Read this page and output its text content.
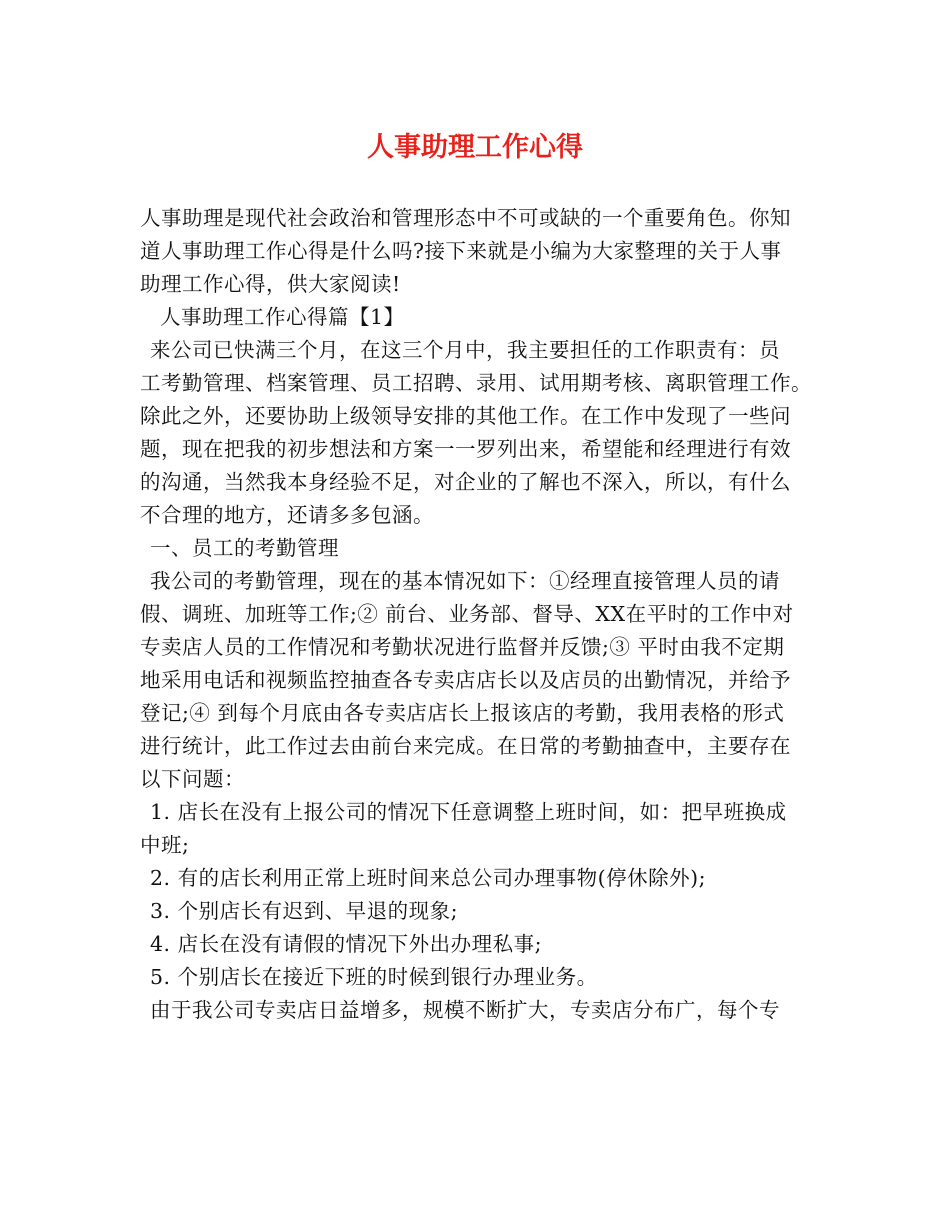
人事助理工作心得

人事助理是现代社会政治和管理形态中不可或缺的一个重要角色。你知

道人事助理工作心得是什么吗?接下来就是小编为大家整理的关于人事

助理工作心得，供大家阅读!

人事助理工作心得篇【1】

来公司已快满三个月，在这三个月中，我主要担任的工作职责有：员

工考勤管理、档案管理、员工招聘、录用、试用期考核、离职管理工作。

除此之外，还要协助上级领导安排的其他工作。在工作中发现了一些问

题，现在把我的初步想法和方案一一罗列出来，希望能和经理进行有效

的沟通，当然我本身经验不足，对企业的了解也不深入，所以，有什么

不合理的地方，还请多多包涵。

一、员工的考勤管理

我公司的考勤管理，现在的基本情况如下：①经理直接管理人员的请

假、调班、加班等工作;② 前台、业务部、督导、XX在平时的工作中对

专卖店人员的工作情况和考勤状况进行监督并反馈;③ 平时由我不定期

地采用电话和视频监控抽查各专卖店店长以及店员的出勤情况，并给予

登记;④ 到每个月底由各专卖店店长上报该店的考勤，我用表格的形式

进行统计，此工作过去由前台来完成。在日常的考勤抽查中，主要存在

以下问题：

1. 店长在没有上报公司的情况下任意调整上班时间，如：把早班换成

中班;

2. 有的店长利用正常上班时间来总公司办理事物(停休除外);

3. 个别店长有迟到、早退的现象;

4. 店长在没有请假的情况下外出办理私事;

5. 个别店长在接近下班的时候到银行办理业务。

由于我公司专卖店日益增多，规模不断扩大，专卖店分布广，每个专
